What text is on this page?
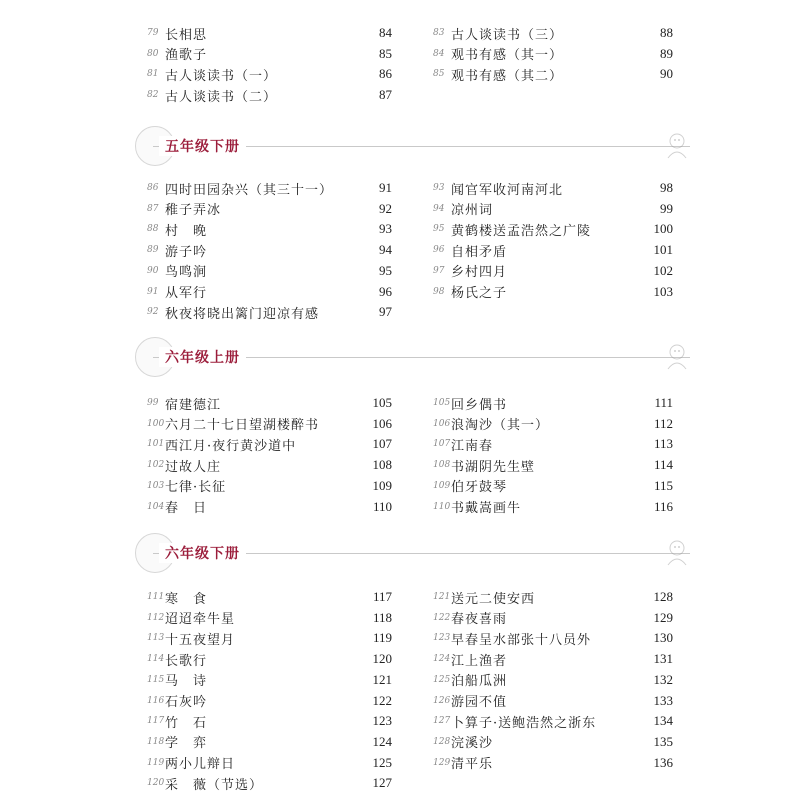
79 长相思	84
80 渔歌子	85
81 古人谈读书（一）	86
82 古人谈读书（二）	87
83 古人谈读书（三）	88
84 观书有感（其一）	89
85 观书有感（其二）	90
五年级下册
86 四时田园杂兴（其三十一）	91
87 稚子弄冰	92
88 村　晚	93
89 游子吟	94
90 鸟鸣涧	95
91 从军行	96
92 秋夜将晓出篱门迎凉有感	97
93 闻官军收河南河北	98
94 凉州词	99
95 黄鹤楼送孟浩然之广陵	100
96 自相矛盾	101
97 乡村四月	102
98 杨氏之子	103
六年级上册
99 宿建德江	105
100 六月二十七日望湖楼醉书	106
101 西江月·夜行黄沙道中	107
102 过故人庄	108
103 七律·长征	109
104 春　日	110
105 回乡偶书	111
106 浪淘沙（其一）	112
107 江南春	113
108 书湖阴先生壁	114
109 伯牙鼓琴	115
110 书戴嵩画牛	116
六年级下册
111 寒　食	117
112 迢迢牵牛星	118
113 十五夜望月	119
114 长歌行	120
115 马　诗	121
116 石灰吟	122
117 竹　石	123
118 学　弈	124
119 两小儿辩日	125
120 采　薇（节选）	127
121 送元二使安西	128
122 春夜喜雨	129
123 早春呈水部张十八员外	130
124 江上渔者	131
125 泊船瓜洲	132
126 游园不值	133
127 卜算子·送鲍浩然之浙东	134
128 浣溪沙	135
129 清平乐	136
